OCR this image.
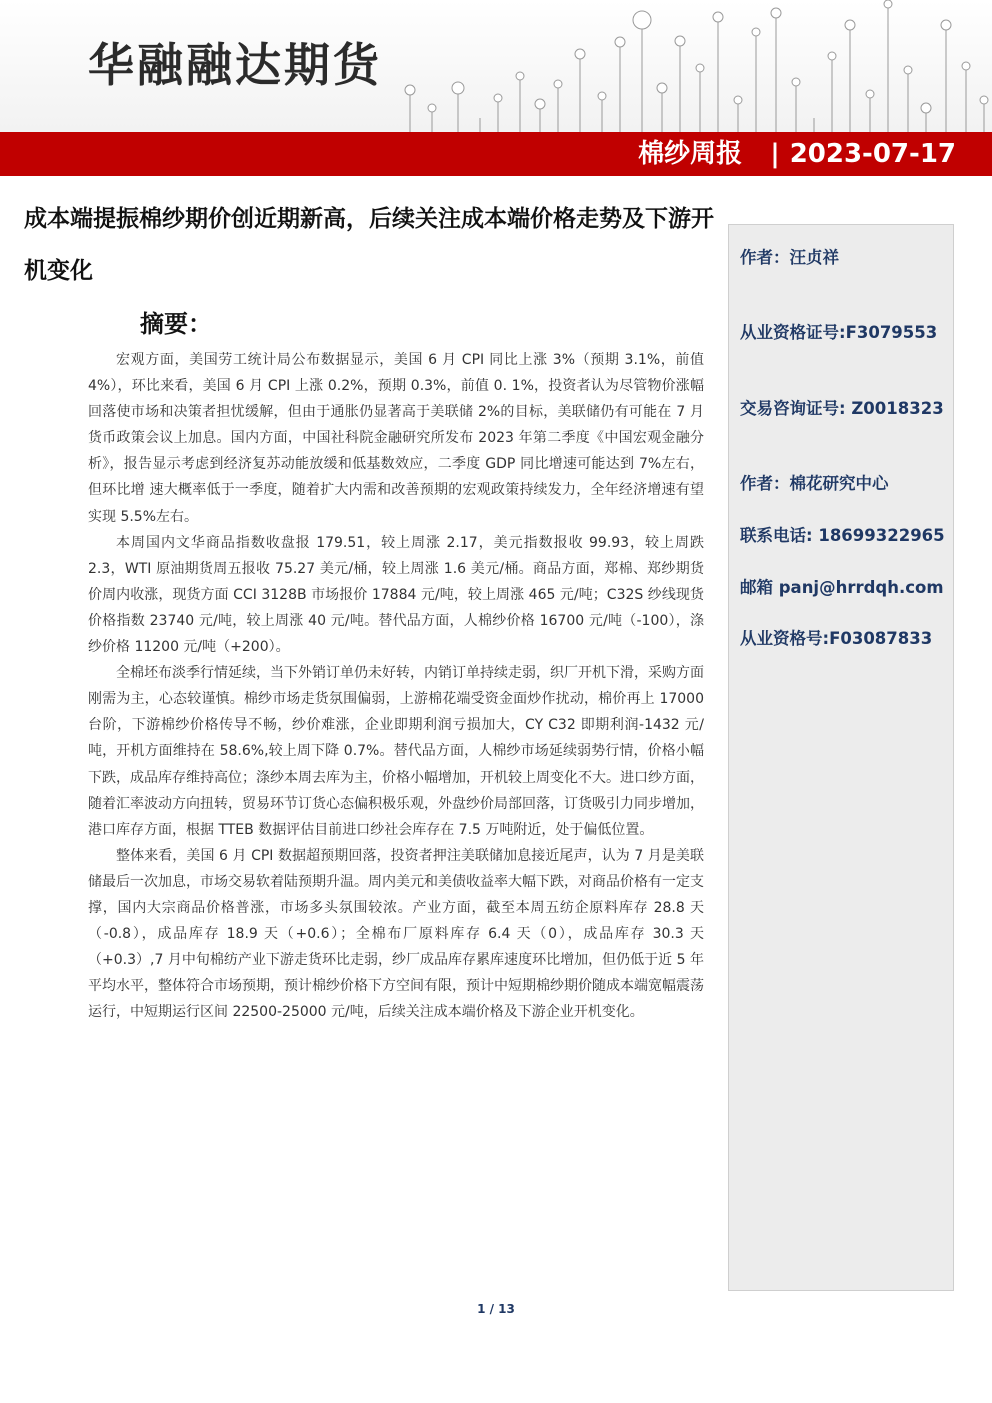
华融融达期货
棉纱周报 | 2023-07-17
成本端提振棉纱期价创近期新高，后续关注成本端价格走势及下游开机变化
摘要：

宏观方面，美国劳工统计局公布数据显示，美国 6 月 CPI 同比上涨 3%（预期 3.1%，前值 4%），环比来看，美国 6 月 CPI 上涨 0.2%，预期 0.3%，前值 0. 1%，投资者认为尽管物价涨幅回落使市场和决策者担忧缓解，但由于通胀仍显著高于美联储 2%的目标，美联储仍有可能在 7 月货币政策会议上加息。国内方面，中国社科院金融研究所发布 2023 年第二季度《中国宏观金融分析》，报告显示考虑到经济复苏动能放缓和低基数效应，二季度 GDP 同比增速可能达到 7%左右，但环比增 速大概率低于一季度，随着扩大内需和改善预期的宏观政策持续发力，全年经济增速有望实现 5.5%左右。

本周国内文华商品指数收盘报 179.51，较上周涨 2.17，美元指数报收 99.93，较上周跌 2.3，WTI 原油期货周五报收 75.27 美元/桶，较上周涨 1.6 美元/桶。商品方面，郑棉、郑纱期货价周内收涨，现货方面 CCI 3128B 市场报价 17884 元/吨，较上周涨 465 元/吨；C32S 纱线现货价格指数 23740 元/吨，较上周涨 40 元/吨。替代品方面，人棉纱价格 16700 元/吨（-100），涤纱价格 11200 元/吨（+200）。

全棉坯布淡季行情延续，当下外销订单仍未好转，内销订单持续走弱，织厂开机下滑，采购方面刚需为主，心态较谨慎。棉纱市场走货氛围偏弱，上游棉花端受资金面炒作扰动，棉价再上 17000 台阶，下游棉纱价格传导不畅，纱价难涨，企业即期利润亏损加大，CY C32 即期利润-1432 元/吨，开机方面维持在 58.6%,较上周下降 0.7%。替代品方面，人棉纱市场延续弱势行情，价格小幅下跌，成品库存维持高位；涤纱本周去库为主，价格小幅增加，开机较上周变化不大。进口纱方面，随着汇率波动方向扭转，贸易环节订货心态偏积极乐观，外盘纱价局部回落，订货吸引力同步增加，港口库存方面，根据 TTEB 数据评估目前进口纱社会库存在 7.5 万吨附近，处于偏低位置。

整体来看，美国 6 月 CPI 数据超预期回落，投资者押注美联储加息接近尾声，认为 7 月是美联储最后一次加息，市场交易软着陆预期升温。周内美元和美债收益率大幅下跌，对商品价格有一定支撑，国内大宗商品价格普涨，市场多头氛围较浓。产业方面，截至本周五纺企原料库存 28.8 天（-0.8），成品库存 18.9 天（+0.6）；全棉布厂原料库存 6.4 天（0），成品库存 30.3 天（+0.3）,7 月中旬棉纺产业下游走货环比走弱，纱厂成品库存累库速度环比增加，但仍低于近 5 年平均水平，整体符合市场预期，预计棉纱价格下方空间有限，预计中短期棉纱期价随成本端宽幅震荡运行，中短期运行区间 22500-25000 元/吨，后续关注成本端价格及下游企业开机变化。

作者：汪贞祥
从业资格证号:F3079553
交易咨询证号: Z0018323
作者：棉花研究中心
联系电话: 18699322965
邮箱 panj@hrrdqh.com
从业资格号:F03087833
1 / 13
